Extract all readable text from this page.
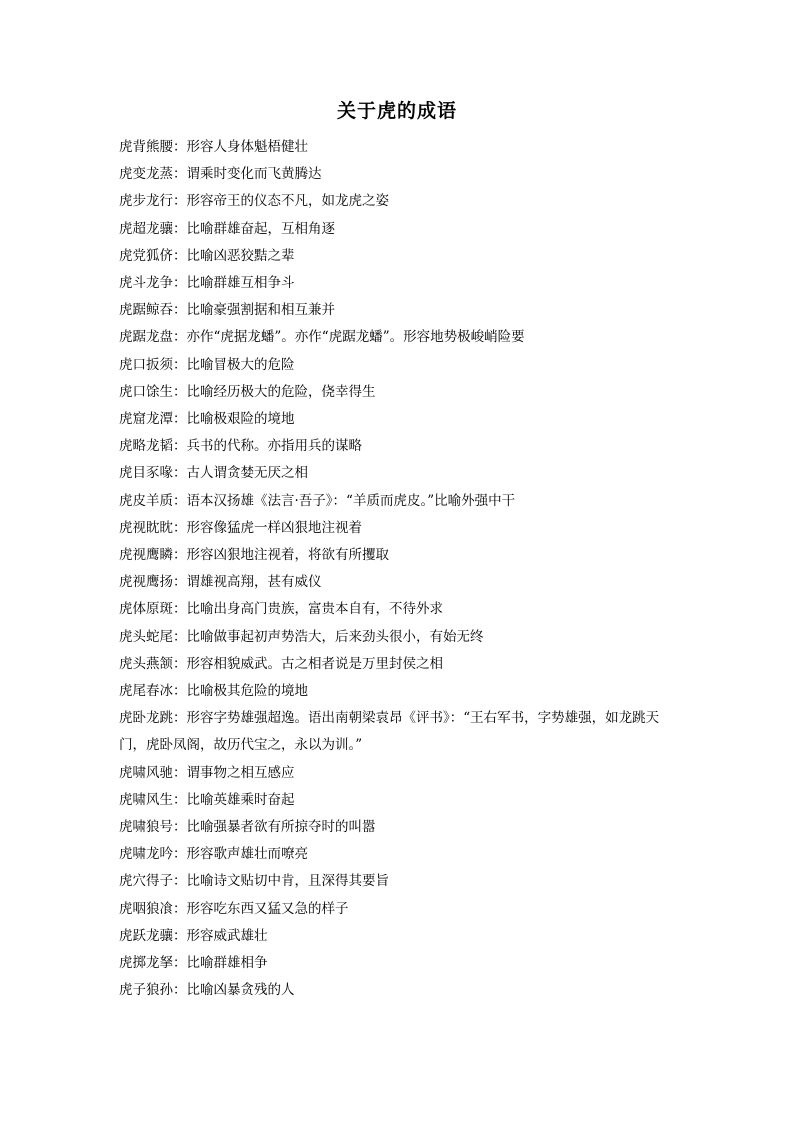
关于虎的成语
虎背熊腰：形容人身体魁梧健壮
虎变龙蒸：谓乘时变化而飞黄腾达
虎步龙行：形容帝王的仪态不凡，如龙虎之姿
虎超龙骧：比喻群雄奋起，互相角逐
虎党狐侪：比喻凶恶狡黠之辈
虎斗龙争：比喻群雄互相争斗
虎踞鲸吞：比喻豪强割据和相互兼并
虎踞龙盘：亦作“虎据龙蟠”。亦作“虎踞龙蟠”。形容地势极峻峭险要
虎口扳须：比喻冒极大的危险
虎口馀生：比喻经历极大的危险，侥幸得生
虎窟龙潭：比喻极艰险的境地
虎略龙韬：兵书的代称。亦指用兵的谋略
虎目豕喙：古人谓贪婪无厌之相
虎皮羊质：语本汉扬雄《法言·吾子》：“羊质而虎皮。”比喻外强中干
虎视眈眈：形容像猛虎一样凶狠地注视着
虎视鹰瞵：形容凶狠地注视着，将欲有所攫取
虎视鹰扬：谓雄视高翔，甚有威仪
虎体原斑：比喻出身高门贵族，富贵本自有，不待外求
虎头蛇尾：比喻做事起初声势浩大，后来劲头很小，有始无终
虎头燕颔：形容相貌威武。古之相者说是万里封侯之相
虎尾春冰：比喻极其危险的境地
虎卧龙跳：形容字势雄强超逸。语出南朝梁袁昂《评书》：“王右军书，字势雄强，如龙跳天门，虎卧凤阁，故历代宝之，永以为训。”
虎啸风驰：谓事物之相互感应
虎啸风生：比喻英雄乘时奋起
虎啸狼号：比喻强暴者欲有所掠夺时的叫嚣
虎啸龙吟：形容歌声雄壮而嘹亮
虎穴得子：比喻诗文贴切中肯，且深得其要旨
虎咽狼飡：形容吃东西又猛又急的样子
虎跃龙骧：形容威武雄壮
虎掷龙拏：比喻群雄相争
虎子狼孙：比喻凶暴贪残的人
